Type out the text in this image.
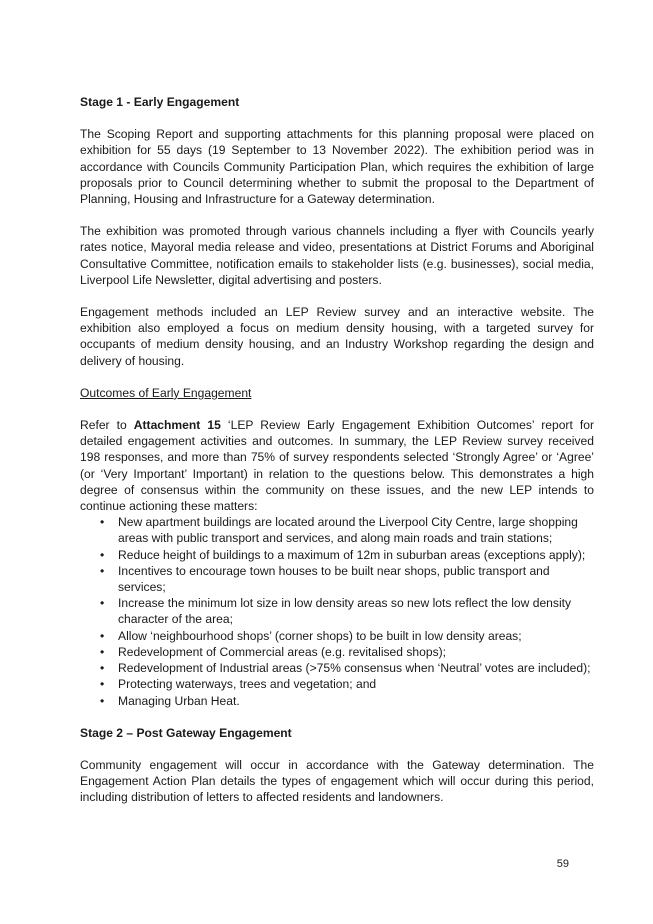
Stage 1 - Early Engagement

The Scoping Report and supporting attachments for this planning proposal were placed on exhibition for 55 days (19 September to 13 November 2022). The exhibition period was in accordance with Councils Community Participation Plan, which requires the exhibition of large proposals prior to Council determining whether to submit the proposal to the Department of Planning, Housing and Infrastructure for a Gateway determination.

The exhibition was promoted through various channels including a flyer with Councils yearly rates notice, Mayoral media release and video, presentations at District Forums and Aboriginal Consultative Committee, notification emails to stakeholder lists (e.g. businesses), social media, Liverpool Life Newsletter, digital advertising and posters.

Engagement methods included an LEP Review survey and an interactive website. The exhibition also employed a focus on medium density housing, with a targeted survey for occupants of medium density housing, and an Industry Workshop regarding the design and delivery of housing.

Outcomes of Early Engagement

Refer to Attachment 15 ‘LEP Review Early Engagement Exhibition Outcomes’ report for detailed engagement activities and outcomes. In summary, the LEP Review survey received 198 responses, and more than 75% of survey respondents selected ‘Strongly Agree’ or ‘Agree’ (or ‘Very Important’ Important) in relation to the questions below. This demonstrates a high degree of consensus within the community on these issues, and the new LEP intends to continue actioning these matters:

• New apartment buildings are located around the Liverpool City Centre, large shopping areas with public transport and services, and along main roads and train stations;
• Reduce height of buildings to a maximum of 12m in suburban areas (exceptions apply);
• Incentives to encourage town houses to be built near shops, public transport and services;
• Increase the minimum lot size in low density areas so new lots reflect the low density character of the area;
• Allow ‘neighbourhood shops’ (corner shops) to be built in low density areas;
• Redevelopment of Commercial areas (e.g. revitalised shops);
• Redevelopment of Industrial areas (>75% consensus when ‘Neutral’ votes are included);
• Protecting waterways, trees and vegetation; and
• Managing Urban Heat.
Stage 2 – Post Gateway Engagement

Community engagement will occur in accordance with the Gateway determination. The Engagement Action Plan details the types of engagement which will occur during this period, including distribution of letters to affected residents and landowners.

59
